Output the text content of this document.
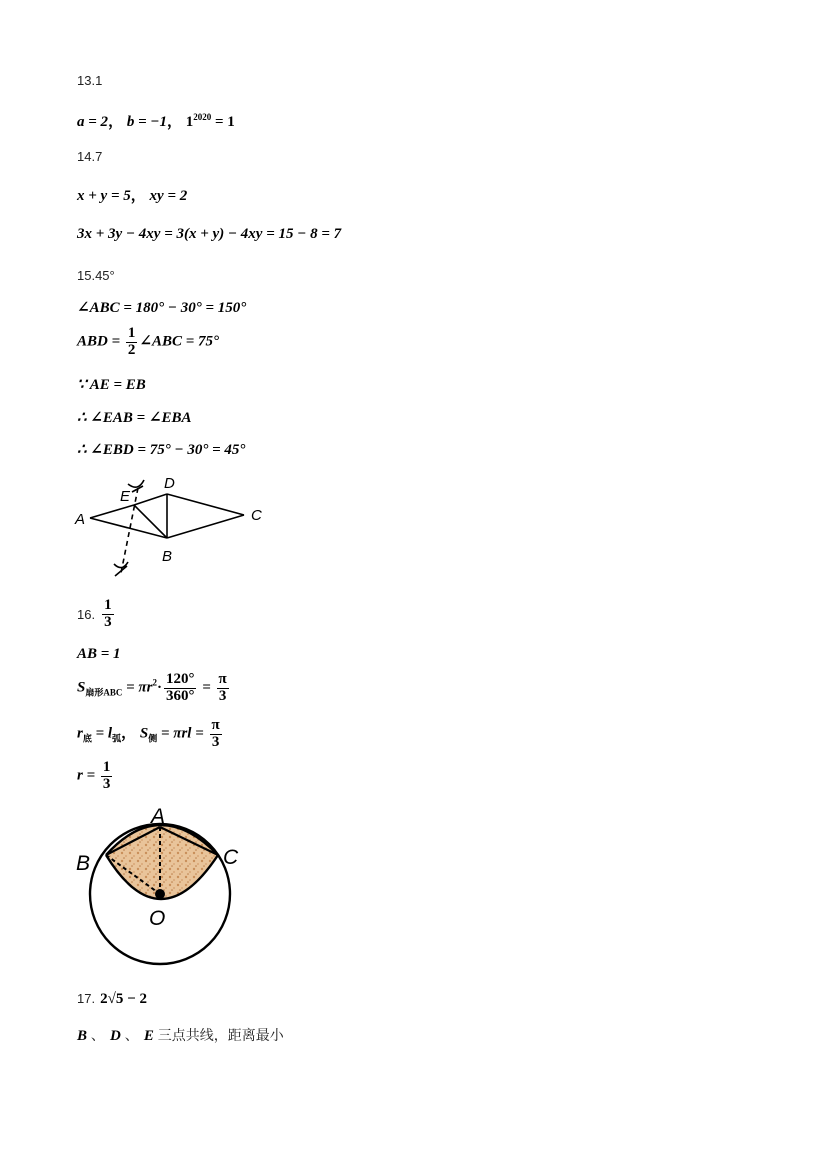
13.1
a = 2， b = −1， $1^{2020} = 1$
14.7
x + y = 5， xy = 2
3x + 3y − 4xy = 3(x + y) − 4xy = 15 − 8 = 7
15.45°
∠ABC = 180° − 30° = 150°
ABD = $\frac{1}{2}$ ∠ABC = 75°
∵ AE = EB
∴ ∠EAB = ∠EBA
∴ ∠EBD = 75° − 30° = 45°
A
E
D
C
B
16. $\frac{1}{3}$
AB = 1
$S_{扇形ABC} = \pi r^2\cdot \frac{120^\circ}{360^\circ} = \frac{\pi}{3}$
$r_底 = l_弧$， $S_侧 = \pi rl = \frac{\pi}{3}$
$r = \frac{1}{3}$
A
B	C
O
17. 2√5 − 2
B 、 D 、 E 三点共线，距离最小
